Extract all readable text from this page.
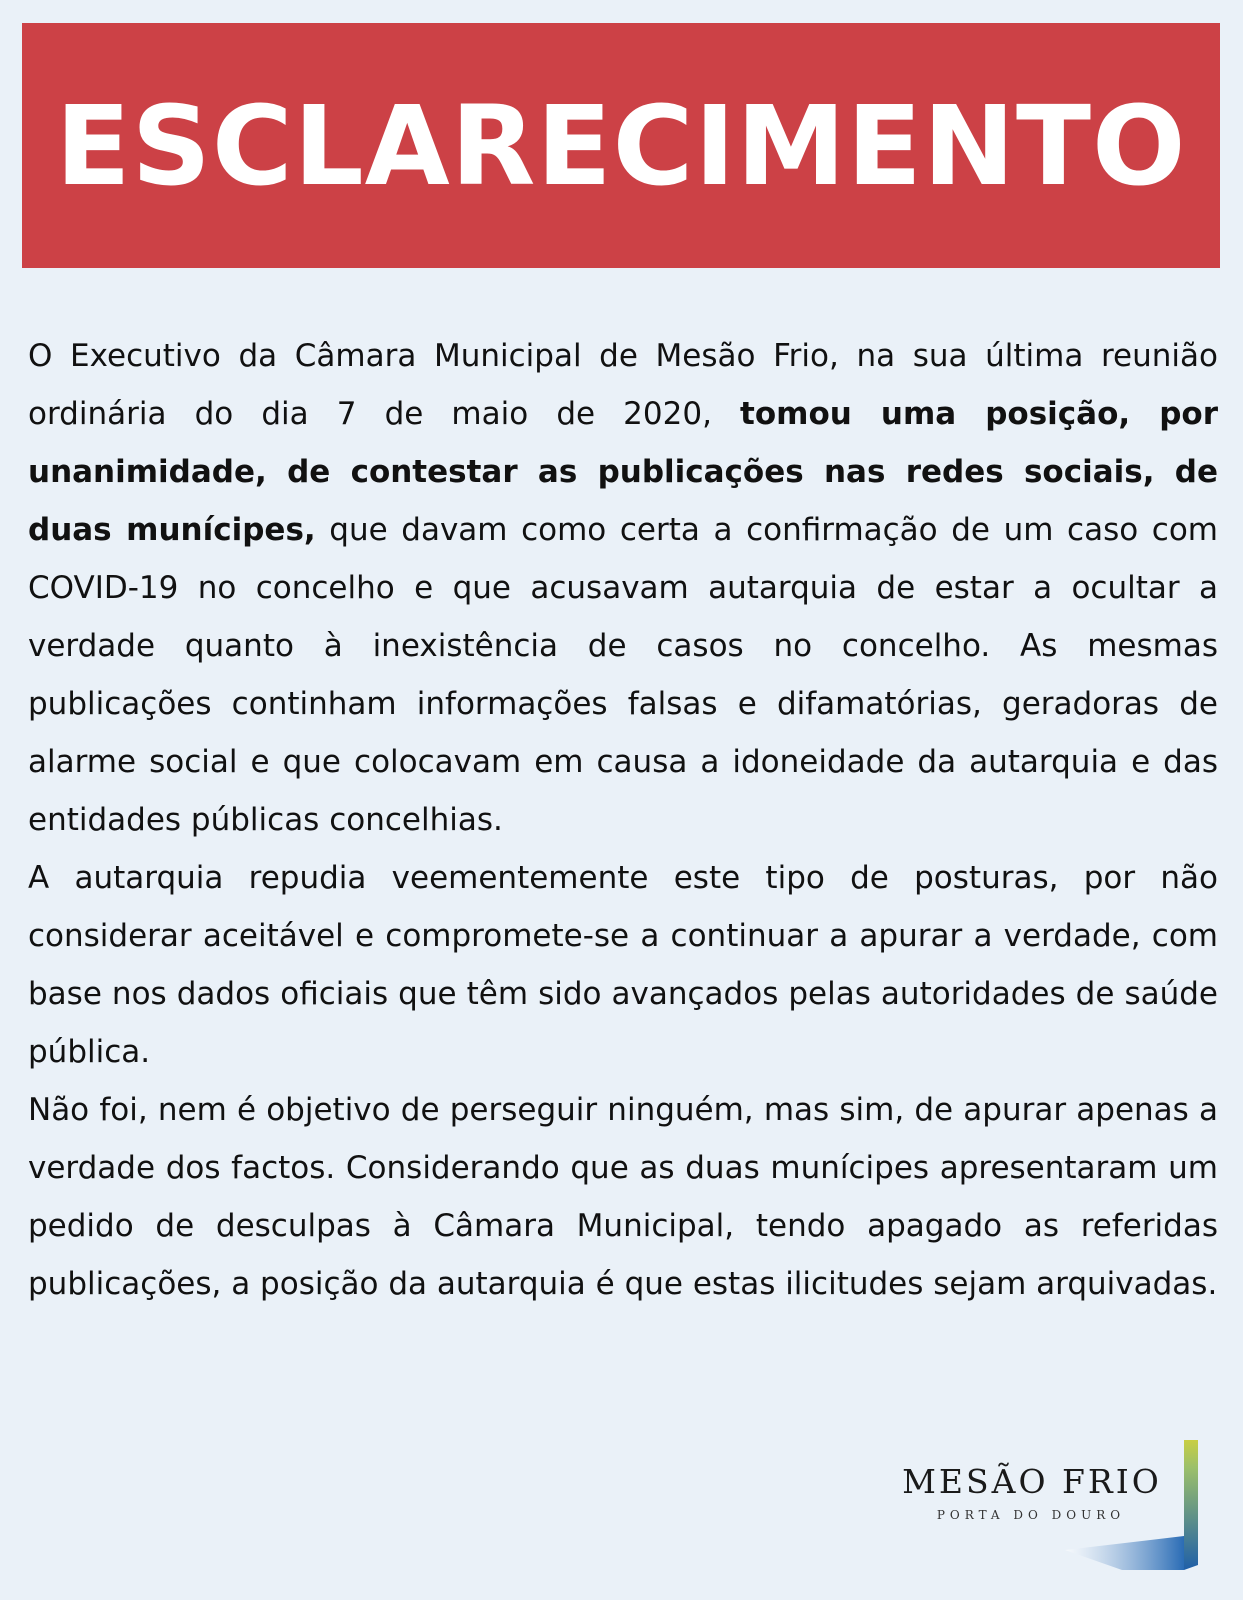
ESCLARECIMENTO

O Executivo da Câmara Municipal de Mesão Frio, na sua última reunião ordinária do dia 7 de maio de 2020, tomou uma posição, por unanimidade, de contestar as publicações nas redes sociais, de duas munícipes, que davam como certa a confirmação de um caso com COVID-19 no concelho e que acusavam autarquia de estar a ocultar a verdade quanto à inexistência de casos no concelho. As mesmas publicações continham informações falsas e difamatórias, geradoras de alarme social e que colocavam em causa a idoneidade da autarquia e das entidades públicas concelhias.

A autarquia repudia veementemente este tipo de posturas, por não considerar aceitável e compromete-se a continuar a apurar a verdade, com base nos dados oficiais que têm sido avançados pelas autoridades de saúde pública.

Não foi, nem é objetivo de perseguir ninguém, mas sim, de apurar apenas a verdade dos factos. Considerando que as duas munícipes apresentaram um pedido de desculpas à Câmara Municipal, tendo apagado as referidas publicações, a posição da autarquia é que estas ilicitudes sejam arquivadas.

MESÃO FRIO
PORTA DO DOURO
